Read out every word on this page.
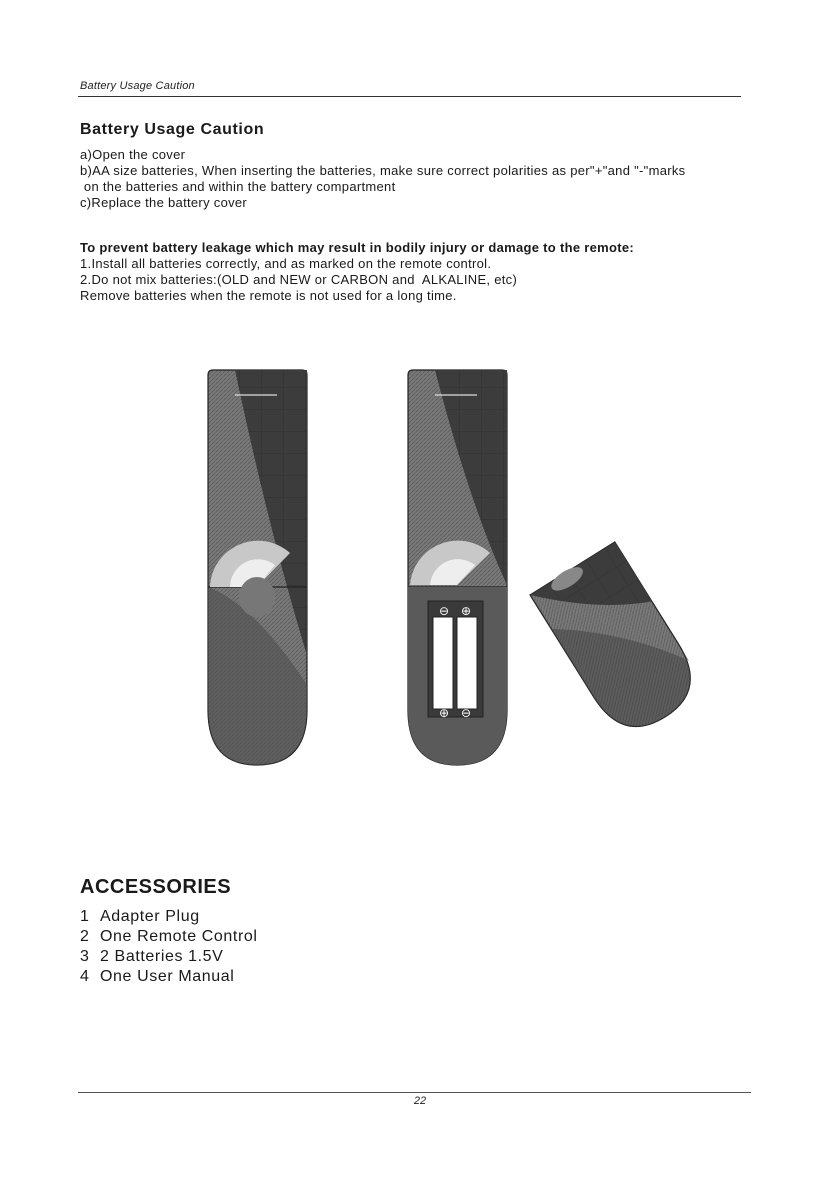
Battery Usage Caution
Battery Usage Caution
a)Open the cover
b)AA size batteries, When inserting the batteries, make sure correct polarities as per"+"and "-"marks
on the batteries and within the battery compartment
c)Replace the battery cover
To prevent battery leakage which may result in bodily injury or damage to the remote:
1.Install all batteries correctly, and as marked on the remote control.
2.Do not mix batteries:(OLD and NEW or CARBON and  ALKALINE, etc)
Remove batteries when the remote is not used for a long time.
⊖ ⊕
⊕ ⊖
ACCESSORIES
1 Adapter Plug
2 One Remote Control
3 2 Batteries 1.5V
4 One User Manual
22
